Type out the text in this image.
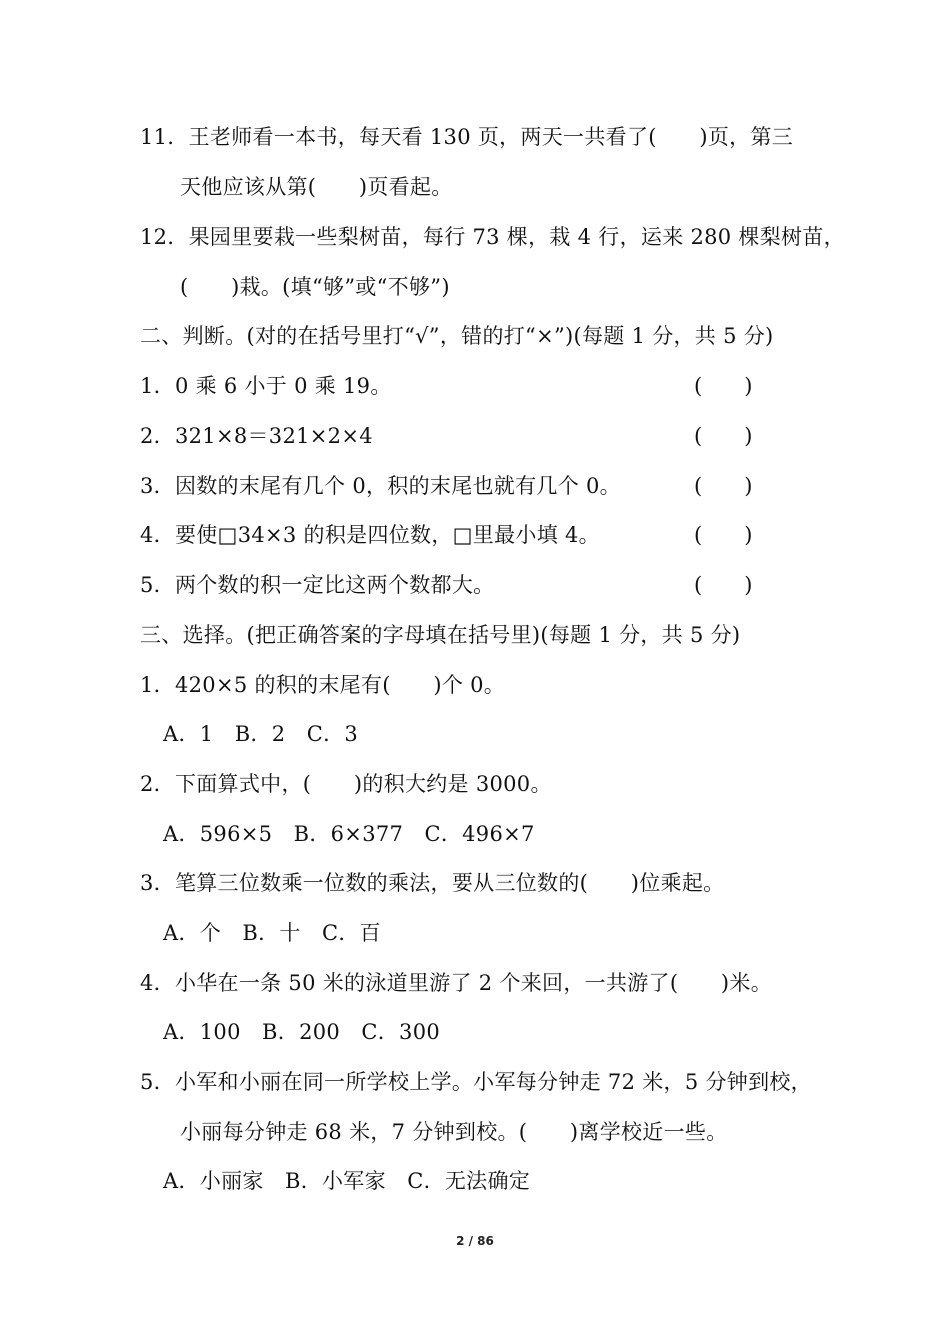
11．王老师看一本书，每天看 130 页，两天一共看了(　　)页，第三
天他应该从第(　　)页看起。
12．果园里要栽一些梨树苗，每行 73 棵，栽 4 行，运来 280 棵梨树苗，
(　　)栽。(填“够”或“不够”)
二、判断。(对的在括号里打“√”，错的打“×”)(每题 1 分，共 5 分)
1．0 乘 6 小于 0 乘 19。	(　　)
2．321×8＝321×2×4	(　　)
3．因数的末尾有几个 0，积的末尾也就有几个 0。	(　　)
4．要使□34×3 的积是四位数，□里最小填 4。	(　　)
5．两个数的积一定比这两个数都大。	(　　)
三、选择。(把正确答案的字母填在括号里)(每题 1 分，共 5 分)
1．420×5 的积的末尾有(　　)个 0。
A．1　B．2　C．3
2．下面算式中，(　　)的积大约是 3000。
A．596×5　B．6×377　C．496×7
3．笔算三位数乘一位数的乘法，要从三位数的(　　)位乘起。
A．个　B．十　C．百
4．小华在一条 50 米的泳道里游了 2 个来回，一共游了(　　)米。
A．100　B．200　C．300
5．小军和小丽在同一所学校上学。小军每分钟走 72 米，5 分钟到校，
小丽每分钟走 68 米，7 分钟到校。(　　)离学校近一些。
A．小丽家　B．小军家　C．无法确定
2 / 86
